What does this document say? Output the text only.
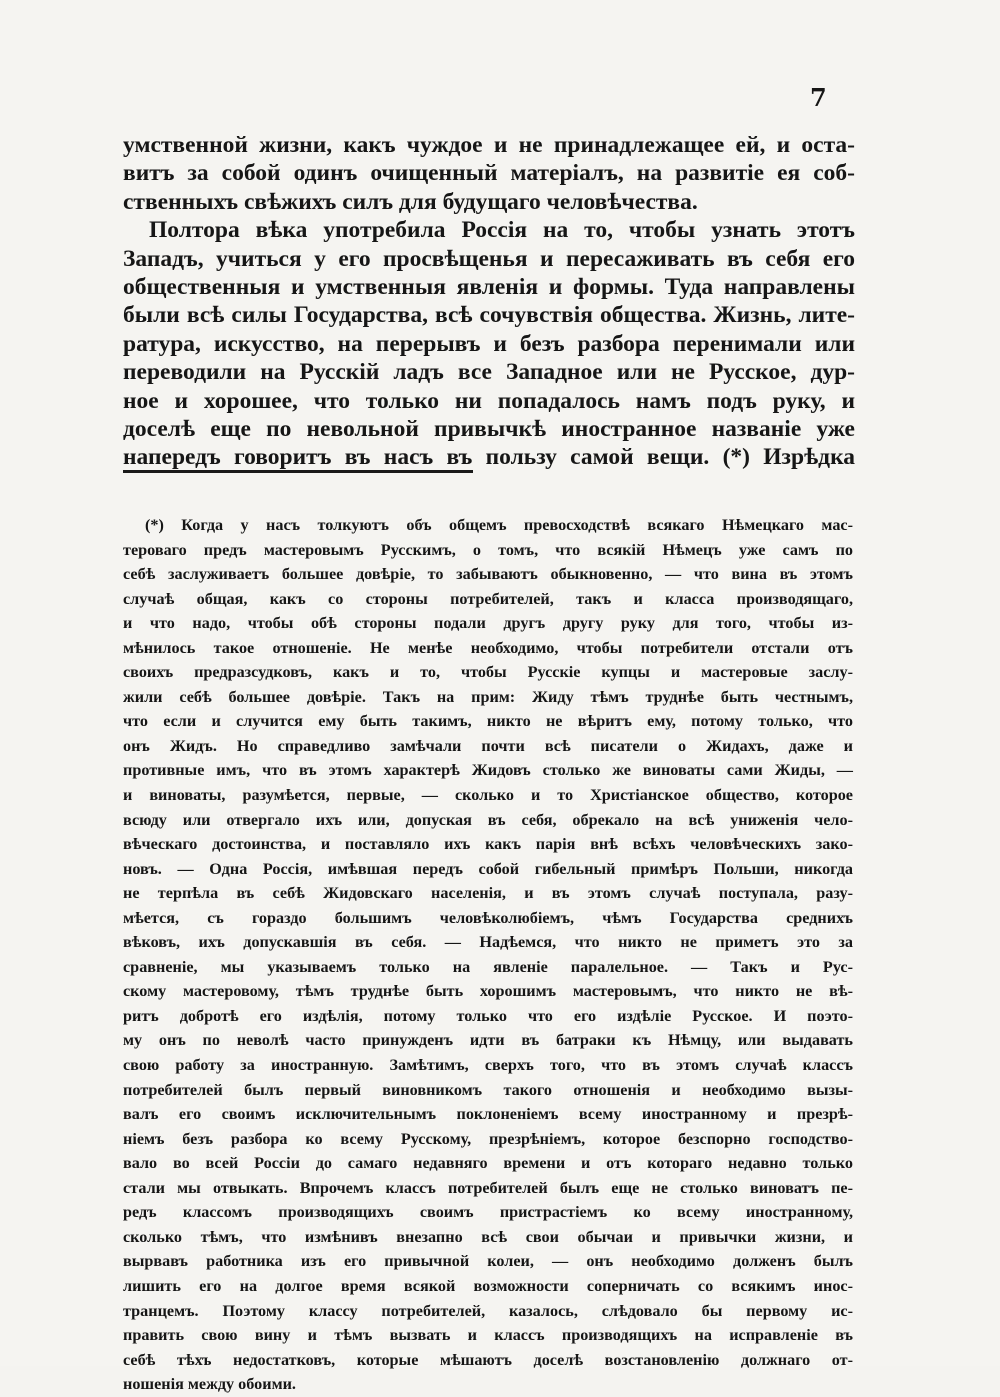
7
умственной жизни, какъ чуждое и не принадлежащее ей, и оста-
витъ за собой одинъ очищенный матеріалъ, на развитіе ея соб-
ственныхъ свѣжихъ силъ для будущаго человѣчества.
Полтора вѣка употребила Россія на то, чтобы узнать этотъ
Западъ, учиться у его просвѣщенья и пересаживать въ себя его
общественныя и умственныя явленія и формы. Туда направлены
были всѣ силы Государства, всѣ сочувствія общества. Жизнь, лите-
ратура, искусство, на перерывъ и безъ разбора перенимали или
переводили на Русскій ладъ все Западное или не Русское, дур-
ное и хорошее, что только ни попадалось намъ подъ руку, и
доселѣ еще по невольной привычкѣ иностранное названіе уже
напередъ говоритъ въ насъ въ пользу самой вещи. (*) Изрѣдка
(*) Когда у насъ толкуютъ объ общемъ превосходствѣ всякаго Нѣмецкаго мас-
тероваго предъ мастеровымъ Русскимъ, о томъ, что всякій Нѣмецъ уже самъ по
себѣ заслуживаетъ большее довѣріе, то забываютъ обыкновенно, — что вина въ этомъ
случаѣ общая, какъ со стороны потребителей, такъ и класса производящаго,
и что надо, чтобы обѣ стороны подали другъ другу руку для того, чтобы из-
мѣнилось такое отношеніе. Не менѣе необходимо, чтобы потребители отстали отъ
своихъ предразсудковъ, какъ и то, чтобы Русскіе купцы и мастеровые заслу-
жили себѣ большее довѣріе. Такъ на прим: Жиду тѣмъ труднѣе быть честнымъ,
что если и случится ему быть такимъ, никто не вѣритъ ему, потому только, что
онъ Жидъ. Но справедливо замѣчали почти всѣ писатели о Жидахъ, даже и
противные имъ, что въ этомъ характерѣ Жидовъ столько же виноваты сами Жиды, —
и виноваты, разумѣется, первые, — сколько и то Христіанское общество, которое
всюду или отвергало ихъ или, допуская въ себя, обрекало на всѣ униженія чело-
вѣческаго достоинства, и поставляло ихъ какъ парія внѣ всѣхъ человѣческихъ зако-
новъ. — Одна Россія, имѣвшая передъ собой гибельный примѣръ Польши, никогда
не терпѣла въ себѣ Жидовскаго населенія, и въ этомъ случаѣ поступала, разу-
мѣется, съ гораздо большимъ человѣколюбіемъ, чѣмъ Государства среднихъ
вѣковъ, ихъ допускавшія въ себя. — Надѣемся, что никто не приметъ это за
сравненіе, мы указываемъ только на явленіе паралельное. — Такъ и Рус-
скому мастеровому, тѣмъ труднѣе быть хорошимъ мастеровымъ, что никто не вѣ-
ритъ добротѣ его издѣлія, потому только что его издѣліе Русское. И поэто-
му онъ по неволѣ часто принужденъ идти въ батраки къ Нѣмцу, или выдавать
свою работу за иностранную. Замѣтимъ, сверхъ того, что въ этомъ случаѣ классъ
потребителей былъ первый виновникомъ такого отношенія и необходимо вызы-
валъ его своимъ исключительнымъ поклоненіемъ всему иностранному и презрѣ-
ніемъ безъ разбора ко всему Русскому, презрѣніемъ, которое безспорно господство-
вало во всей Россіи до самаго недавняго времени и отъ котораго недавно только
стали мы отвыкать. Впрочемъ классъ потребителей былъ еще не столько виноватъ пе-
редъ классомъ производящихъ своимъ пристрастіемъ ко всему иностранному,
сколько тѣмъ, что измѣнивъ внезапно всѣ свои обычаи и привычки жизни, и
вырвавъ работника изъ его привычной колеи, — онъ необходимо долженъ былъ
лишить его на долгое время всякой возможности соперничать со всякимъ инос-
транцемъ. Поэтому классу потребителей, казалось, слѣдовало бы первому ис-
править свою вину и тѣмъ вызвать и классъ производящихъ на исправленіе въ
себѣ тѣхъ недостатковъ, которые мѣшаютъ доселѣ возстановленію должнаго от-
ношенія между обоими.
